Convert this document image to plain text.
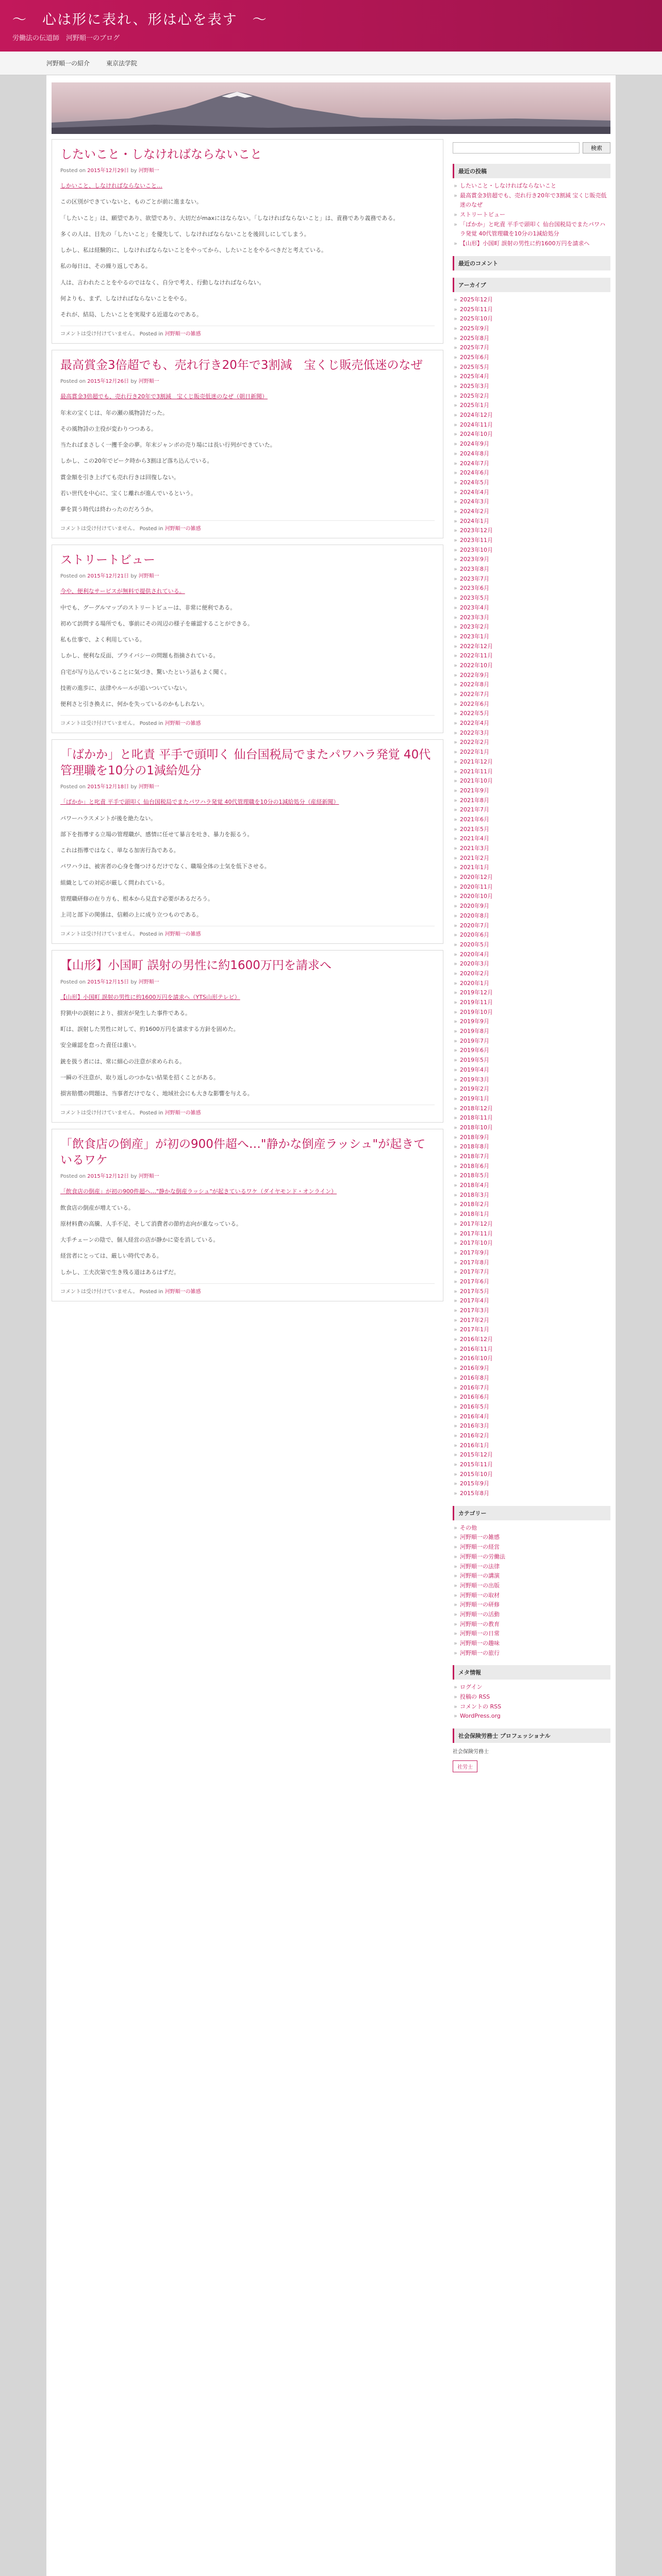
〜　心は形に表れ、形は心を表す　〜
労働法の伝道師　河野順一のブログ
河野順一の紹介	東京法学院
したいこと・しなければならないこと
Posted on 2015年12月29日 by 河野順一

しかいこと、しなければならないこと…

この区別ができていないと、ものごとが前に進まない。

「したいこと」は、願望であり、欲望であり、大切だがmaxにはならない。「しなければならないこと」は、責務であり義務である。

多くの人は、目先の「したいこと」を優先して、しなければならないことを後回しにしてしまう。

しかし、私は経験的に、しなければならないことをやってから、したいことをやるべきだと考えている。

私の毎日は、その繰り返しである。

人は、言われたことをやるのではなく、自分で考え、行動しなければならない。

何よりも、まず、しなければならないことをやる。

それが、結局、したいことを実現する近道なのである。

コメントは受け付けていません。 Posted in 河野順一の雑感
最高賞金3倍超でも、売れ行き20年で3割減　宝くじ販売低迷のなぜ
Posted on 2015年12月26日 by 河野順一

最高賞金3倍超でも、売れ行き20年で3割減　宝くじ販売低迷のなぜ（朝日新聞）

年末の宝くじは、年の瀬の風物詩だった。

その風物詩の主役が変わりつつある。

当たればまさしく一攫千金の夢。年末ジャンボの売り場には長い行列ができていた。

しかし、この20年でピーク時から3割ほど落ち込んでいる。

賞金額を引き上げても売れ行きは回復しない。

若い世代を中心に、宝くじ離れが進んでいるという。

夢を買う時代は終わったのだろうか。

コメントは受け付けていません。 Posted in 河野順一の雑感
ストリートビュー
Posted on 2015年12月21日 by 河野順一

今や、便利なサービスが無料で提供されている。

中でも、グーグルマップのストリートビューは、非常に便利である。

初めて訪問する場所でも、事前にその周辺の様子を確認することができる。

私も仕事で、よく利用している。

しかし、便利な反面、プライバシーの問題も指摘されている。

自宅が写り込んでいることに気づき、驚いたという話もよく聞く。

技術の進歩に、法律やルールが追いついていない。

便利さと引き換えに、何かを失っているのかもしれない。

コメントは受け付けていません。 Posted in 河野順一の雑感
「ばかか」と叱責 平手で頭叩く 仙台国税局でまたパワハラ発覚 40代管理職を10分の1減給処分
Posted on 2015年12月18日 by 河野順一

「ばかか」と叱責 平手で頭叩く 仙台国税局でまたパワハラ発覚 40代管理職を10分の1減給処分（産経新聞）

パワーハラスメントが後を絶たない。

部下を指導する立場の管理職が、感情に任せて暴言を吐き、暴力を振るう。

これは指導ではなく、単なる加害行為である。

パワハラは、被害者の心身を傷つけるだけでなく、職場全体の士気を低下させる。

組織としての対応が厳しく問われている。

管理職研修の在り方も、根本から見直す必要があるだろう。

上司と部下の関係は、信頼の上に成り立つものである。

コメントは受け付けていません。 Posted in 河野順一の雑感
【山形】小国町 誤射の男性に約1600万円を請求へ
Posted on 2015年12月15日 by 河野順一

【山形】小国町 誤射の男性に約1600万円を請求へ（YTS山形テレビ）

狩猟中の誤射により、損害が発生した事件である。

町は、誤射した男性に対して、約1600万円を請求する方針を固めた。

安全確認を怠った責任は重い。

銃を扱う者には、常に細心の注意が求められる。

一瞬の不注意が、取り返しのつかない結果を招くことがある。

損害賠償の問題は、当事者だけでなく、地域社会にも大きな影響を与える。

コメントは受け付けていません。 Posted in 河野順一の雑感
「飲食店の倒産」が初の900件超へ…"静かな倒産ラッシュ"が起きているワケ
Posted on 2015年12月12日 by 河野順一

「飲食店の倒産」が初の900件超へ…"静かな倒産ラッシュ"が起きているワケ（ダイヤモンド・オンライン）

飲食店の倒産が増えている。

原材料費の高騰、人手不足、そして消費者の節約志向が重なっている。

大手チェーンの陰で、個人経営の店が静かに姿を消している。

経営者にとっては、厳しい時代である。

しかし、工夫次第で生き残る道はあるはずだ。

コメントは受け付けていません。 Posted in 河野順一の雑感
検索
最近の投稿
» したいこと・しなければならないこと
» 最高賞金3倍超でも、売れ行き20年で3割減 宝くじ販売低迷のなぜ
» ストリートビュー
» 「ばかか」と叱責 平手で頭叩く 仙台国税局でまたパワハラ発覚 40代管理職を10分の1減給処分
» 【山形】小国町 誤射の男性に約1600万円を請求へ
最近のコメント
アーカイブ
» 2025年12月
» 2025年11月
» 2025年10月
» 2025年9月
» 2025年8月
» 2025年7月
» 2025年6月
» 2025年5月
» 2025年4月
» 2025年3月
» 2025年2月
» 2025年1月
» 2024年12月
» 2024年11月
» 2024年10月
» 2024年9月
» 2024年8月
» 2024年7月
» 2024年6月
» 2024年5月
» 2024年4月
» 2024年3月
» 2024年2月
» 2024年1月
» 2023年12月
» 2023年11月
» 2023年10月
» 2023年9月
» 2023年8月
» 2023年7月
» 2023年6月
» 2023年5月
» 2023年4月
» 2023年3月
» 2023年2月
» 2023年1月
» 2022年12月
» 2022年11月
» 2022年10月
» 2022年9月
» 2022年8月
» 2022年7月
» 2022年6月
» 2022年5月
» 2022年4月
» 2022年3月
» 2022年2月
» 2022年1月
» 2021年12月
» 2021年11月
» 2021年10月
» 2021年9月
» 2021年8月
» 2021年7月
» 2021年6月
» 2021年5月
» 2021年4月
» 2021年3月
» 2021年2月
» 2021年1月
» 2020年12月
» 2020年11月
» 2020年10月
» 2020年9月
» 2020年8月
» 2020年7月
» 2020年6月
» 2020年5月
» 2020年4月
» 2020年3月
» 2020年2月
» 2020年1月
» 2019年12月
» 2019年11月
» 2019年10月
» 2019年9月
» 2019年8月
» 2019年7月
» 2019年6月
» 2019年5月
» 2019年4月
» 2019年3月
» 2019年2月
» 2019年1月
» 2018年12月
» 2018年11月
» 2018年10月
» 2018年9月
» 2018年8月
» 2018年7月
» 2018年6月
» 2018年5月
» 2018年4月
» 2018年3月
» 2018年2月
» 2018年1月
» 2017年12月
» 2017年11月
» 2017年10月
» 2017年9月
» 2017年8月
» 2017年7月
» 2017年6月
» 2017年5月
» 2017年4月
» 2017年3月
» 2017年2月
» 2017年1月
» 2016年12月
» 2016年11月
» 2016年10月
» 2016年9月
» 2016年8月
» 2016年7月
» 2016年6月
» 2016年5月
» 2016年4月
» 2016年3月
» 2016年2月
» 2016年1月
» 2015年12月
» 2015年11月
» 2015年10月
» 2015年9月
» 2015年8月
カテゴリー
» その他
» 河野順一の雑感
» 河野順一の経営
» 河野順一の労働法
» 河野順一の法律
» 河野順一の講演
» 河野順一の出版
» 河野順一の取材
» 河野順一の研修
» 河野順一の活動
» 河野順一の教育
» 河野順一の日常
» 河野順一の趣味
» 河野順一の旅行
メタ情報
» ログイン
» 投稿の RSS
» コメントの RSS
» WordPress.org
社会保険労務士 プロフェッショナル
社会保険労務士
社労士
